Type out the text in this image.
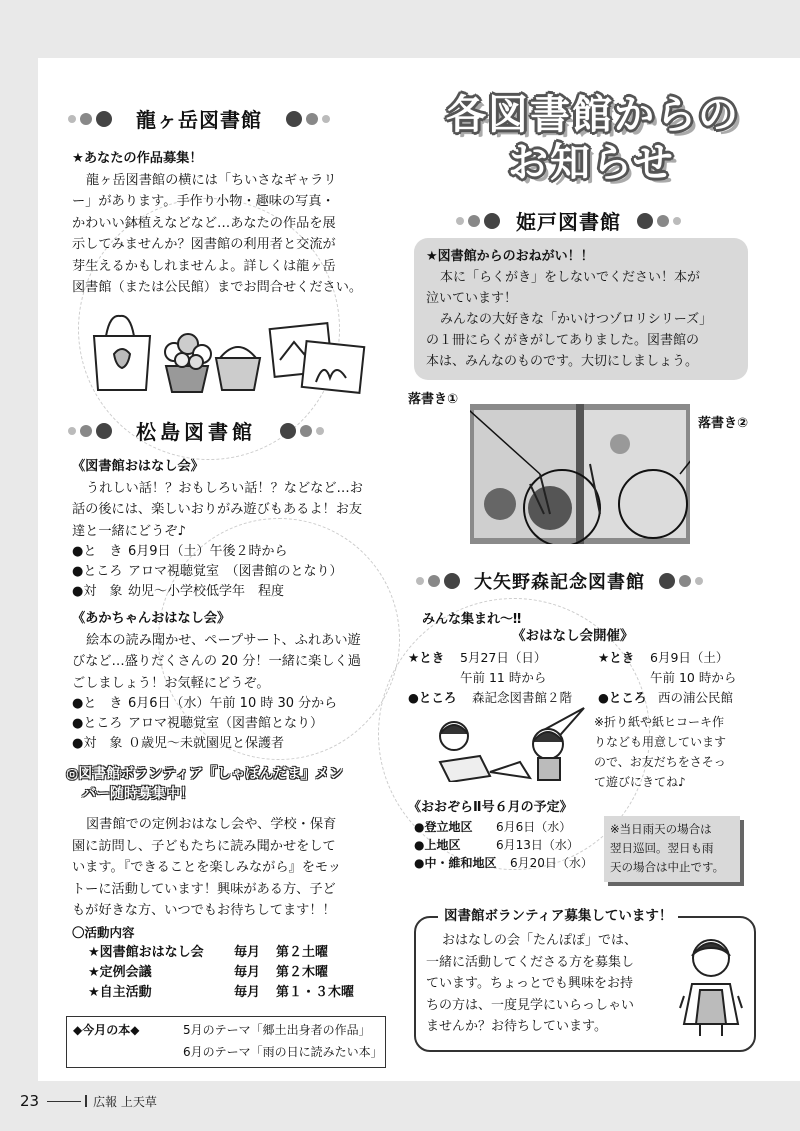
龍ヶ岳図書館
★あなたの作品募集！
龍ヶ岳図書館の横には「ちいさなギャラリ
ー」があります。手作り小物・趣味の写真・
かわいい鉢植えなどなど…あなたの作品を展
示してみませんか？図書館の利用者と交流が
芽生えるかもしれませんよ。詳しくは龍ヶ岳
図書館（または公民館）までお問合せください。
松島図書館
《図書館おはなし会》
うれしい話！？おもしろい話！？などなど…お
話の後には、楽しいおりがみ遊びもあるよ！お友
達と一緒にどうぞ♪
●と　き 6月9日（土）午後２時から
●ところ アロマ視聴覚室　（図書館のとなり）
●対　象 幼児～小学校低学年　程度
《あかちゃんおはなし会》
絵本の読み聞かせ、ペープサート、ふれあい遊
びなど…盛りだくさんの 20 分！一緒に楽しく過
ごしましょう！お気軽にどうぞ。
●と　き 6月6日（水）午前 10 時 30 分から
●ところ アロマ視聴覚室（図書館となり）
●対　象 ０歳児～未就園児と保護者
◎図書館ボランティア『しゃぼんだま』メン
バー随時募集中！
図書館での定例おはなし会や、学校・保育
園に訪問し、子どもたちに読み聞かせをして
います。『できることを楽しみながら』をモッ
トーに活動しています！興味がある方、子ど
もが好きな方、いつでもお待ちしてます！！
〇活動内容
★図書館おはなし会	毎月	第２土曜
★定例会議	毎月	第２木曜
★自主活動	毎月	第１・３木曜
◆今月の本◆	5月のテーマ「郷土出身者の作品」
6月のテーマ「雨の日に読みたい本」
各図書館からの
お知らせ
姫戸図書館
★図書館からのおねがい！！
本に「らくがき」をしないでください！本が
泣いています！
みんなの大好きな「かいけつゾロリシリーズ」
の１冊にらくがきがしてありました。図書館の
本は、みんなのものです。大切にしましょう。
落書き①
落書き②
大矢野森記念図書館
みんな集まれ～‼
《おはなし会開催》
★とき	5月27日（日）
午前 11 時から
●ところ	森記念図書館２階
★とき	6月9日（土）
午前 10 時から
●ところ 西の浦公民館
※折り紙や紙ヒコーキ作
りなども用意しています
ので、お友だちをさそっ
て遊びにきてね♪
《おおぞらⅡ号６月の予定》
●登立地区	6月6日（水）
●上地区	6月13日（水）
●中・維和地区	6月20日（水）
※当日雨天の場合は
翌日巡回。翌日も雨
天の場合は中止です。
図書館ボランティア募集しています！
おはなしの会「たんぽぽ」では、
一緒に活動してくださる方を募集し
ています。ちょっとでも興味をお持
ちの方は、一度見学にいらっしゃい
ませんか？お待ちしています。
23	広報 上天草
